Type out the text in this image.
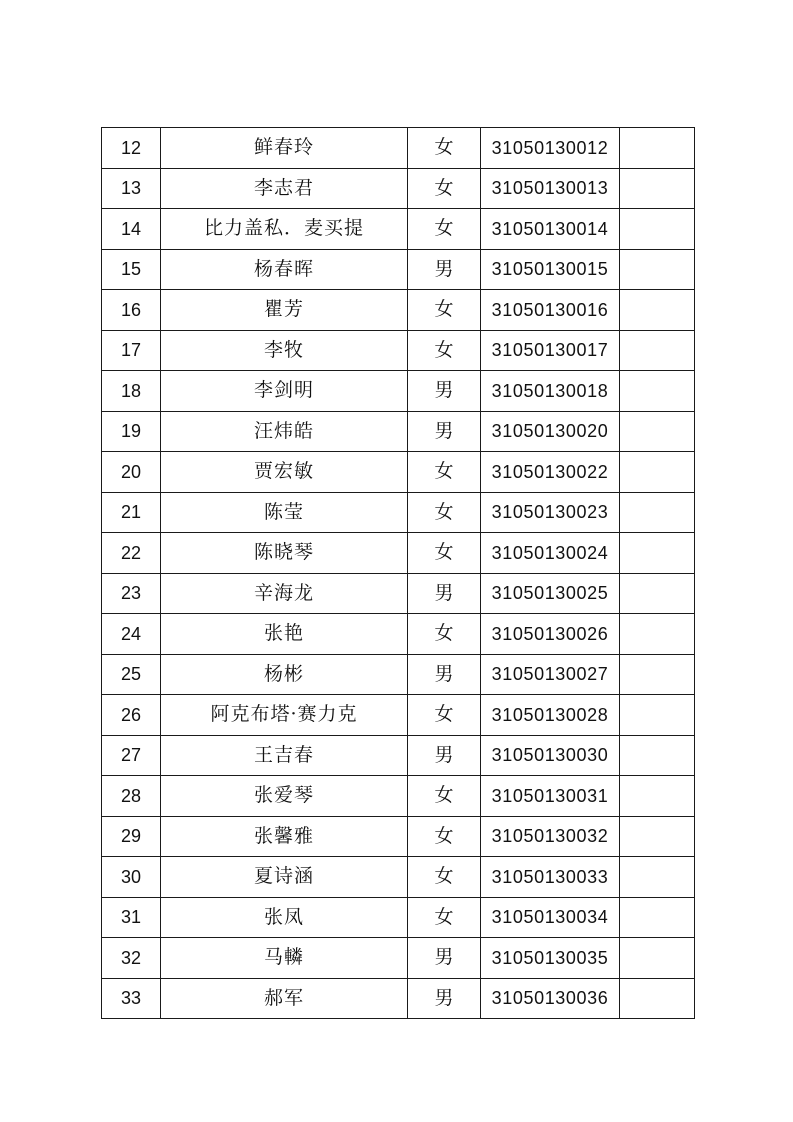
12	鲜春玲	女	31050130012	
13	李志君	女	31050130013	
14	比力盖私．麦买提	女	31050130014	
15	杨春晖	男	31050130015	
16	瞿芳	女	31050130016	
17	李牧	女	31050130017	
18	李剑明	男	31050130018	
19	汪炜皓	男	31050130020	
20	贾宏敏	女	31050130022	
21	陈莹	女	31050130023	
22	陈晓琴	女	31050130024	
23	辛海龙	男	31050130025	
24	张艳	女	31050130026	
25	杨彬	男	31050130027	
26	阿克布塔·赛力克	女	31050130028	
27	王吉春	男	31050130030	
28	张爱琴	女	31050130031	
29	张馨雅	女	31050130032	
30	夏诗涵	女	31050130033	
31	张凤	女	31050130034	
32	马轔	男	31050130035	
33	郝军	男	31050130036	
